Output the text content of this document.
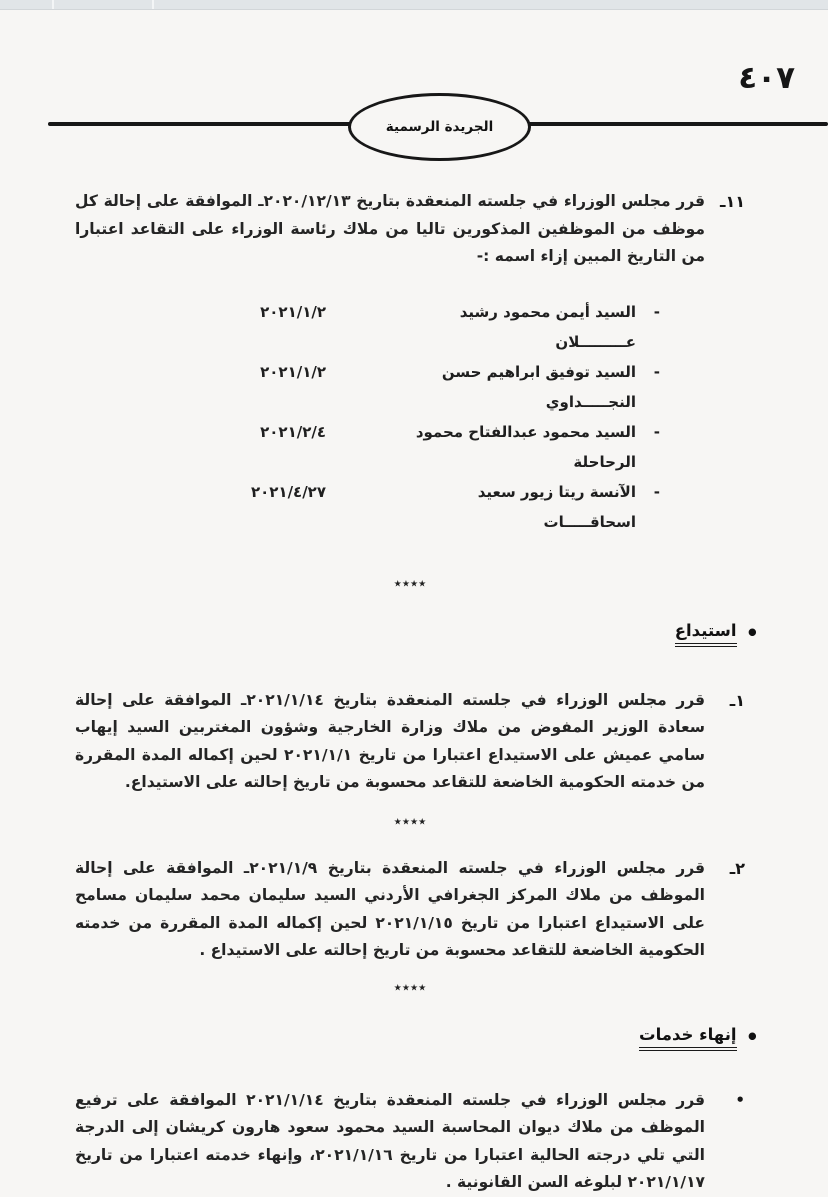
٤٠٧
الجريدة الرسمية
١١ـ
قرر مجلس الوزراء في جلسته المنعقدة بتاريخ ٢٠٢٠/١٢/١٣ـ الموافقة على إحالة كل موظف من الموظفين المذكورين تاليا من ملاك رئاسة الوزراء على التقاعد اعتبارا من التاريخ المبين إزاء اسمه :-
-
السيد أيمن محمود رشيد عـــــــــلان
٢٠٢١/١/٢
-
السيد توفيق ابراهيم حسن النجـــــداوي
٢٠٢١/١/٢
-
السيد محمود عبدالفتاح محمود الرحاحلة
٢٠٢١/٢/٤
-
الآنسة ريتا زيور سعيد اسحاقـــــات
٢٠٢١/٤/٢٧
٭٭٭٭
•
استيداع
١ـ
قرر مجلس الوزراء في جلسته المنعقدة بتاريخ ٢٠٢١/١/١٤ـ الموافقة على إحالة سعادة الوزير المفوض من ملاك وزارة الخارجية وشؤون المغتربين السيد إيهاب سامي عميش على الاستيداع اعتبارا من تاريخ ٢٠٢١/١/١ لحين إكماله المدة المقررة من خدمته الحكومية الخاضعة للتقاعد محسوبة من تاريخ إحالته على الاستيداع.
٭٭٭٭
٢ـ
قرر مجلس الوزراء في جلسته المنعقدة بتاريخ ٢٠٢١/١/٩ـ الموافقة على إحالة الموظف من ملاك المركز الجغرافي الأردني السيد سليمان محمد سليمان مسامح على الاستيداع اعتبارا من تاريخ ٢٠٢١/١/١٥ لحين إكماله المدة المقررة من خدمته الحكومية الخاضعة للتقاعد محسوبة من تاريخ إحالته على الاستيداع .
٭٭٭٭
•
إنهاء خدمات
•
قرر مجلس الوزراء في جلسته المنعقدة بتاريخ ٢٠٢١/١/١٤ الموافقة على ترفيع الموظف من ملاك ديوان المحاسبة السيد محمود سعود هارون كريشان إلى الدرجة التي تلي درجته الحالية اعتبارا من تاريخ ٢٠٢١/١/١٦، وإنهاء خدمته اعتبارا من تاريخ ٢٠٢١/١/١٧ لبلوغه السن القانونية .
